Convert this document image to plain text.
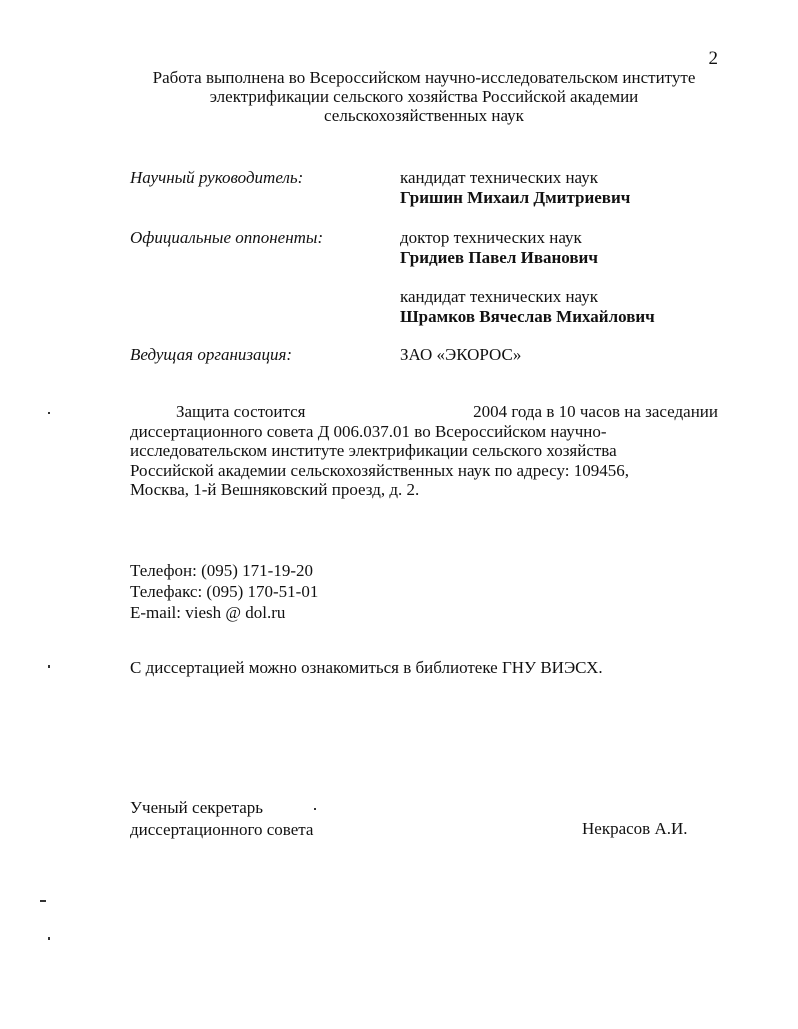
2
Работа выполнена во Всероссийском научно-исследовательском институте
электрификации сельского хозяйства Российской академии
сельскохозяйственных наук
Научный руководитель:	кандидат технических наук
Гришин Михаил Дмитриевич
Официальные оппоненты:	доктор технических наук
Гридиев Павел Иванович
кандидат технических наук
Шрамков Вячеслав Михайлович
Ведущая организация:	ЗАО «ЭКОРОС»
Защита состоится	2004 года в 10 часов на заседании
диссертационного совета Д 006.037.01 во Всероссийском научно-
исследовательском институте электрификации сельского хозяйства
Российской академии сельскохозяйственных наук по адресу: 109456,
Москва, 1-й Вешняковский проезд, д. 2.
Телефон: (095) 171-19-20
Телефакс: (095) 170-51-01
E-mail: viesh @ dol.ru
С диссертацией можно ознакомиться в библиотеке ГНУ ВИЭСХ.
Ученый секретарь
диссертационного совета	Некрасов А.И.
